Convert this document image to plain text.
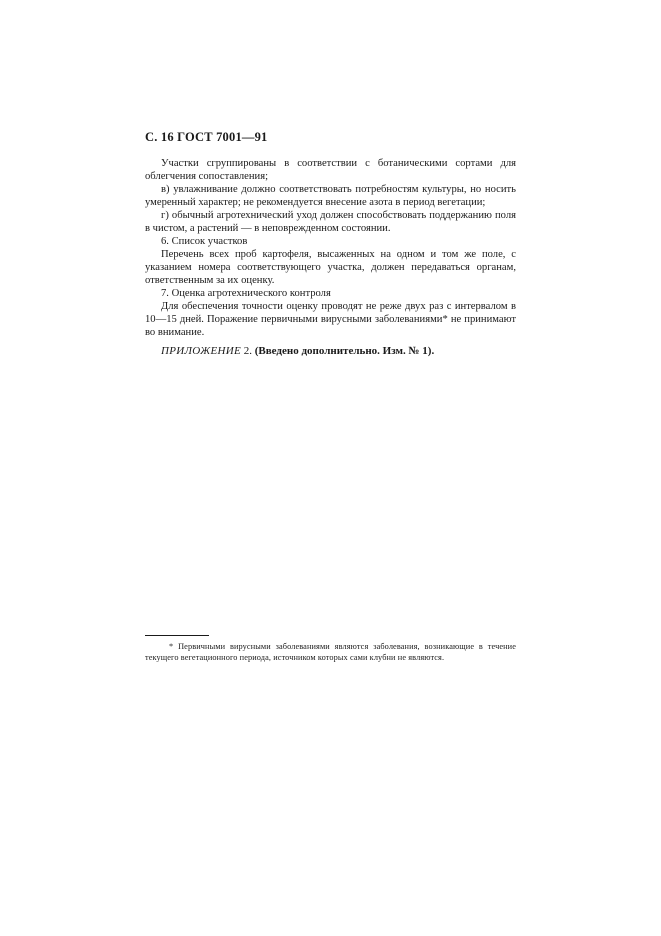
С. 16 ГОСТ 7001—91

Участки сгруппированы в соответствии с ботаническими сортами для облегчения сопоставления;

в) увлажнивание должно соответствовать потребностям культуры, но носить умеренный характер; не рекомендуется внесение азота в период вегетации;

г) обычный агротехнический уход должен способствовать поддержанию поля в чистом, а растений — в неповрежденном состоянии.

6. Список участков

Перечень всех проб картофеля, высаженных на одном и том же поле, с указанием номера соответствующего участка, должен передаваться органам, ответственным за их оценку.

7. Оценка агротехнического контроля

Для обеспечения точности оценку проводят не реже двух раз с интервалом в 10—15 дней. Поражение первичными вирусными заболеваниями* не принимают во внимание.

ПРИЛОЖЕНИЕ 2. (Введено дополнительно. Изм. № 1).
* Первичными вирусными заболеваниями являются заболевания, возникающие в течение текущего вегетационного периода, источником которых сами клубни не являются.
